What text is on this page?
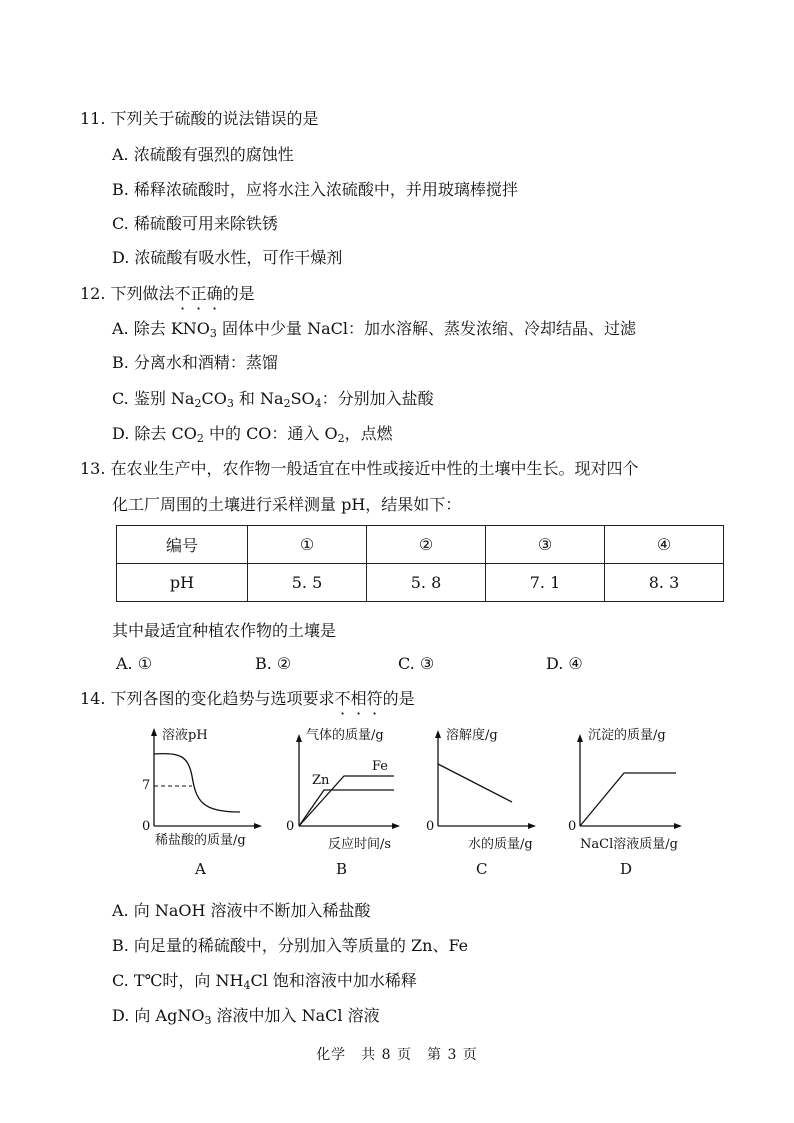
11. 下列关于硫酸的说法错误的是
A. 浓硫酸有强烈的腐蚀性
B. 稀释浓硫酸时，应将水注入浓硫酸中，并用玻璃棒搅拌
C. 稀硫酸可用来除铁锈
D. 浓硫酸有吸水性，可作干燥剂
12. 下列做法不正确的是
A. 除去 $KNO_3$ 固体中少量 NaCl：加水溶解、蒸发浓缩、冷却结晶、过滤
B. 分离水和酒精：蒸馏
C. 鉴别 $Na_2CO_3$ 和 $Na_2SO_4$：分别加入盐酸
D. 除去 $CO_2$ 中的 CO：通入 $O_2$，点燃
13. 在农业生产中，农作物一般适宜在中性或接近中性的土壤中生长。现对四个
化工厂周围的土壤进行采样测量 pH，结果如下：
编号	①	②	③	④
pH	5. 5	5. 8	7. 1	8. 3
其中最适宜种植农作物的土壤是
A. ①	B. ②	C. ③	D. ④
14. 下列各图的变化趋势与选项要求不相符的是
溶液pH
7
0
稀盐酸的质量/g
A
气体的质量/g
Zn
Fe
0
反应时间/s
B
溶解度/g
0
水的质量/g
C
沉淀的质量/g
0
NaCl溶液质量/g
D
A. 向 NaOH 溶液中不断加入稀盐酸
B. 向足量的稀硫酸中，分别加入等质量的 Zn、Fe
C. T℃时，向 $NH_4Cl$ 饱和溶液中加水稀释
D. 向 AgNO$_3$ 溶液中加入 NaCl 溶液
化学　共 8 页　第 3 页
